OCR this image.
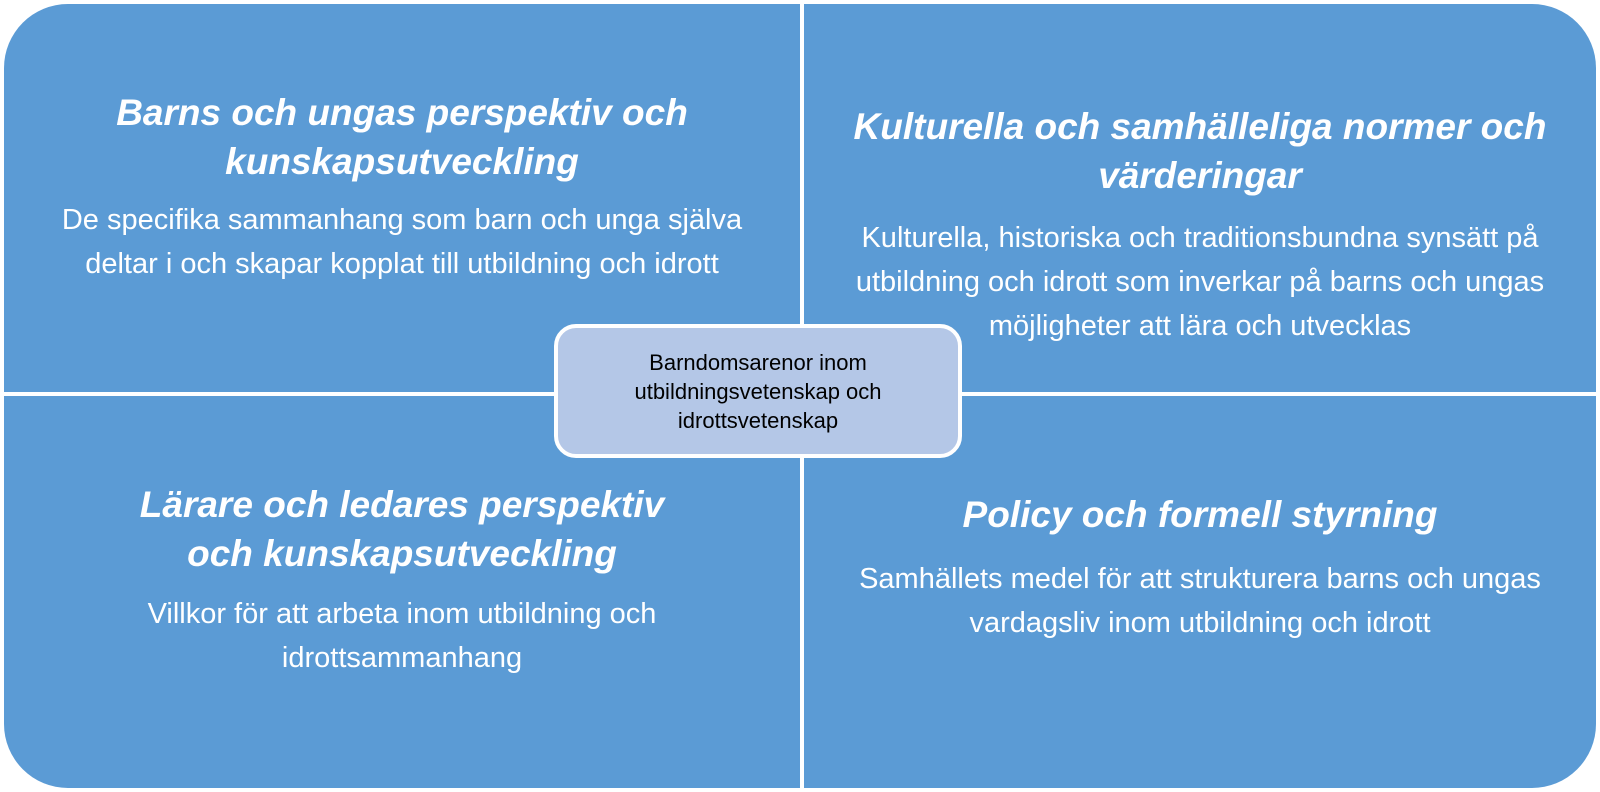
Barns och ungas perspektiv och kunskapsutveckling

De specifika sammanhang som barn och unga själva deltar i och skapar kopplat till utbildning och idrott

Kulturella och samhälleliga normer och värderingar

Kulturella, historiska och traditionsbundna synsätt på utbildning och idrott som inverkar på barns och ungas möjligheter att lära och utvecklas

Lärare och ledares perspektiv och kunskapsutveckling

Villkor för att arbeta inom utbildning och idrottsammanhang

Policy och formell styrning

Samhällets medel för att strukturera barns och ungas vardagsliv inom utbildning och idrott

Barndomsarenor inom utbildningsvetenskap och idrottsvetenskap
